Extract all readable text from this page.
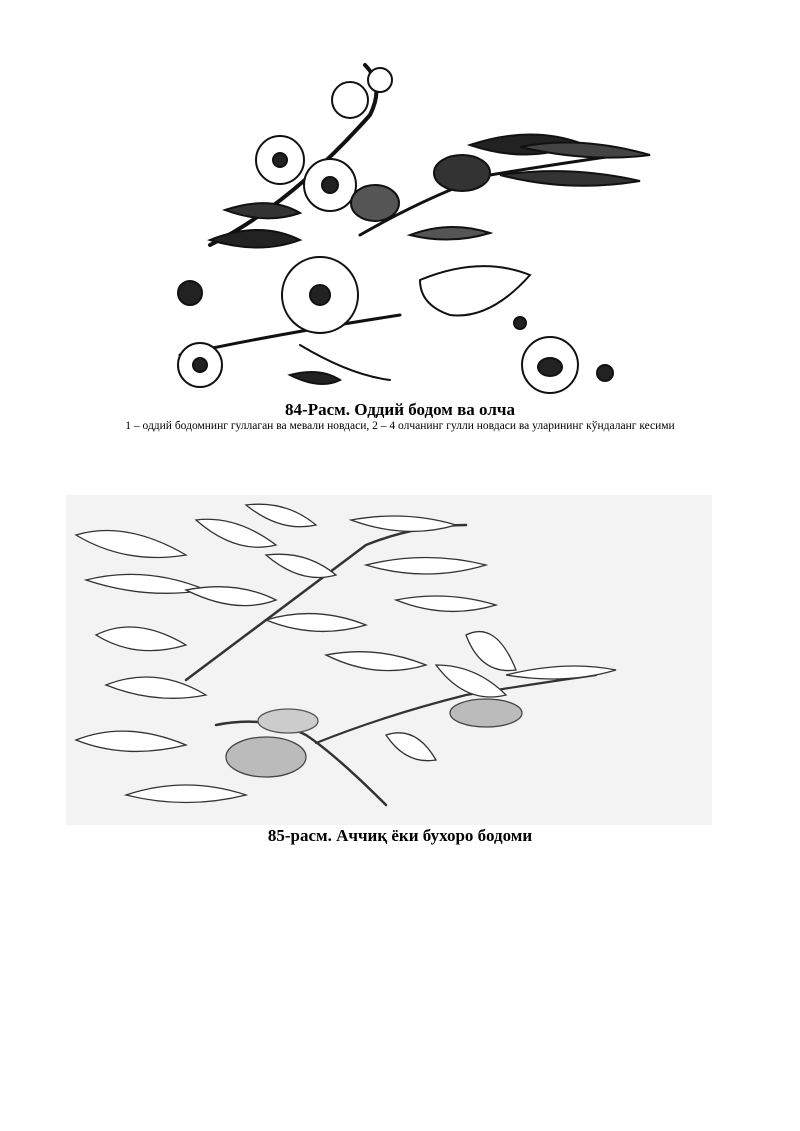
84-Расм. Оддий бодом ва олча
1 – оддий бодомнинг гуллаган ва мевали новдаси, 2 – 4 олчанинг гулли новдаси ва уларининг кўндаланг кесими
85-расм. Аччиқ ёки бухоро бодоми
